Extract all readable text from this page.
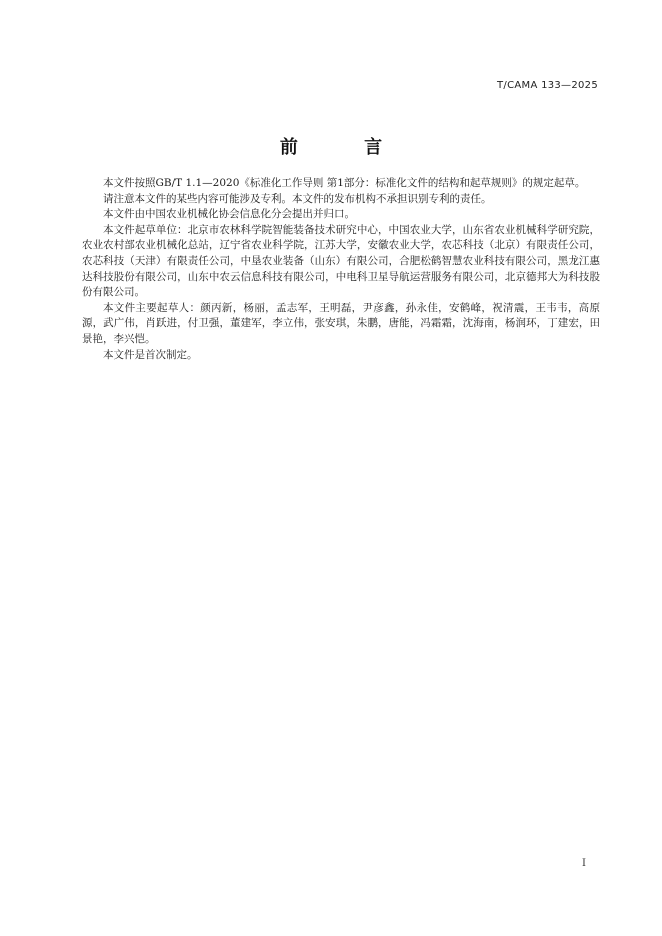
T/CAMA 133—2025
前 言

本文件按照GB/T 1.1—2020《标准化工作导则 第1部分：标准化文件的结构和起草规则》的规定起草。

请注意本文件的某些内容可能涉及专利。本文件的发布机构不承担识别专利的责任。

本文件由中国农业机械化协会信息化分会提出并归口。

本文件起草单位：北京市农林科学院智能装备技术研究中心，中国农业大学，山东省农业机械科学研究院，农业农村部农业机械化总站，辽宁省农业科学院，江苏大学，安徽农业大学，农芯科技（北京）有限责任公司，农芯科技（天津）有限责任公司，中垦农业装备（山东）有限公司，合肥松鹤智慧农业科技有限公司，黑龙江惠达科技股份有限公司，山东中农云信息科技有限公司，中电科卫星导航运营服务有限公司，北京德邦大为科技股份有限公司。

本文件主要起草人：颜丙新，杨丽，孟志军，王明磊，尹彦鑫，孙永佳，安鹤峰，祝清震，王韦韦，高原源，武广伟，肖跃进，付卫强，董建军，李立伟，张安琪，朱鹏，唐能，冯霜霜，沈海南，杨润环，丁建宏，田景艳，李兴恺。

本文件是首次制定。

I
